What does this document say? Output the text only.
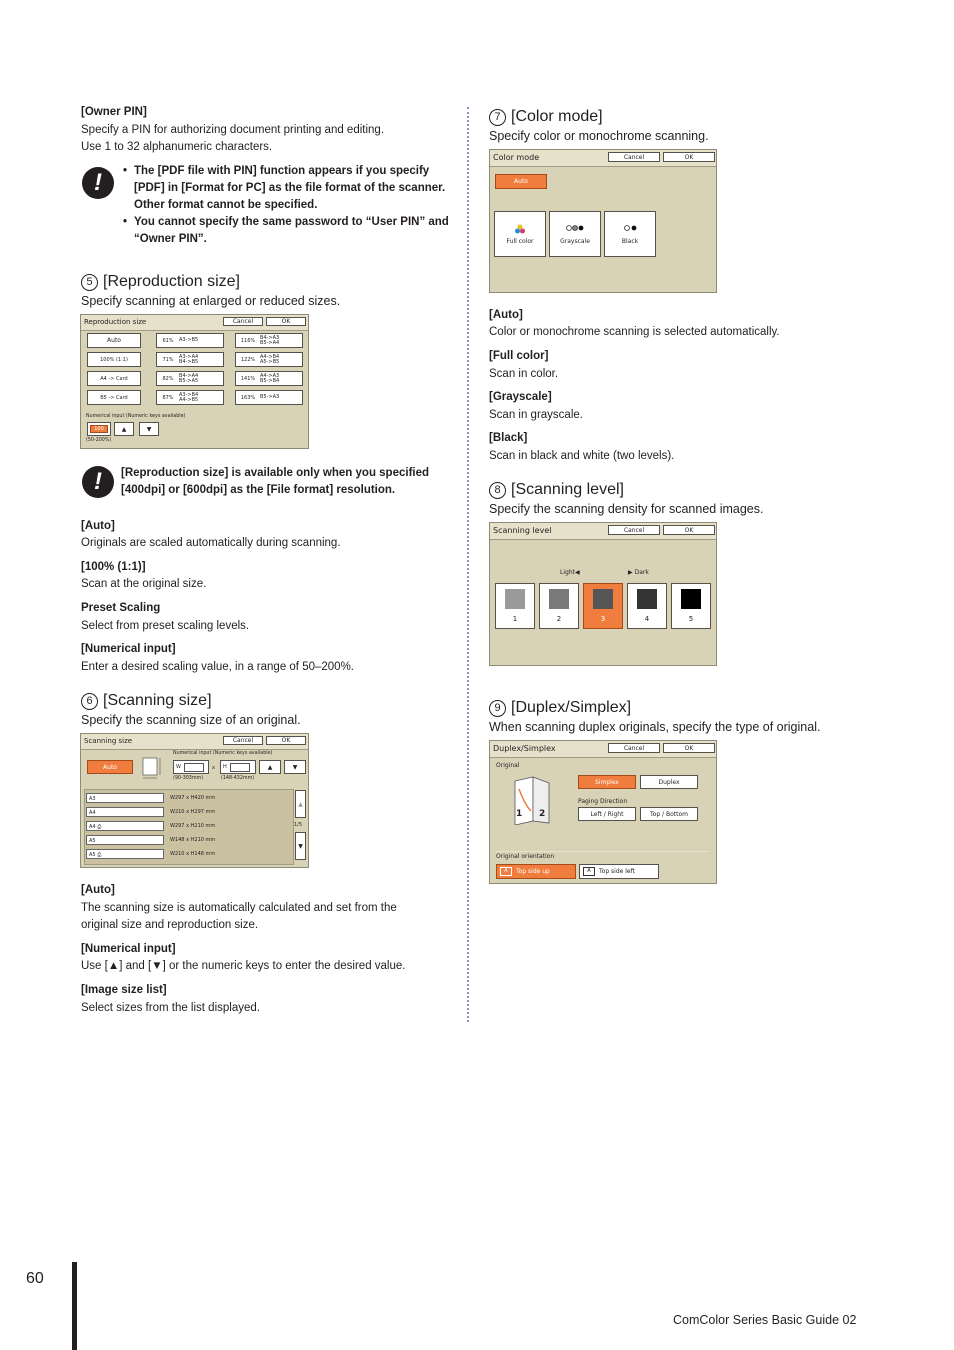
[Owner PIN]

Specify a PIN for authorizing document printing and editing.

Use 1 to 32 alphanumeric characters.

!	• The [PDF file with PIN] function appears if you specify

[PDF] in [Format for PC] as the file format of the scanner.

Other format cannot be specified.

• You cannot specify the same password to “User PIN” and

“Owner PIN”.

5 [Reproduction size]

Specify scanning at enlarged or reduced sizes.

Reproduction size	Cancel	OK
Auto
100% (1:1)
A4 -> Card
B5 -> Card
61%	A3->B5
71%	A3->A4
B4->B5
82%	B4->A4
B5->A5
87%	A3->B4
A4->B5
116% B4->A3
B5->A4
122% A4->B4
A5->B5
141% A4->A3
B5->B4
163% B5->A3
Numerical input (Numeric keys available)
100	▲	▼
(50-200%)
!	[Reproduction size] is available only when you specified

[400dpi] or [600dpi] as the [File format] resolution.

[Auto]

Originals are scaled automatically during scanning.

[100% (1:1)]

Scan at the original size.

Preset Scaling

Select from preset scaling levels.

[Numerical input]

Enter a desired scaling value, in a range of 50–200%.

6 [Scanning size]

Specify the scanning size of an original.

Scanning size	Cancel	OK
Auto
Numerical input (Numeric keys available)
W	x H	▲	▼
(90-303mm)	(148-432mm)
A3	W297 x H420 mm
A4	W210 x H297 mm
A4 ⎙	W297 x H210 mm
A5	W148 x H210 mm
A5 ⎙	W210 x H148 mm
▲
1/5
▼

[Auto]

The scanning size is automatically calculated and set from the

original size and reproduction size.

[Numerical input]

Use [▲] and [▼] or the numeric keys to enter the desired value.

[Image size list]

Select sizes from the list displayed.

7 [Color mode]

Specify color or monochrome scanning.

Color mode	Cancel	OK
Auto
Full color	Grayscale	Black

[Auto]

Color or monochrome scanning is selected automatically.

[Full color]

Scan in color.

[Grayscale]

Scan in grayscale.

[Black]

Scan in black and white (two levels).

8 [Scanning level]

Specify the scanning density for scanned images.

Scanning level	Cancel	OK
Light ◀	▶ Dark
1	2	3	4	5
9 [Duplex/Simplex]

When scanning duplex originals, specify the type of original.

Duplex/Simplex	Cancel	OK
Original
1 2
Simplex	Duplex
Paging Direction
Left / Right	Top / Bottom
Original orientation
A	Top side up	A	Top side left
60
ComColor Series Basic Guide 02
